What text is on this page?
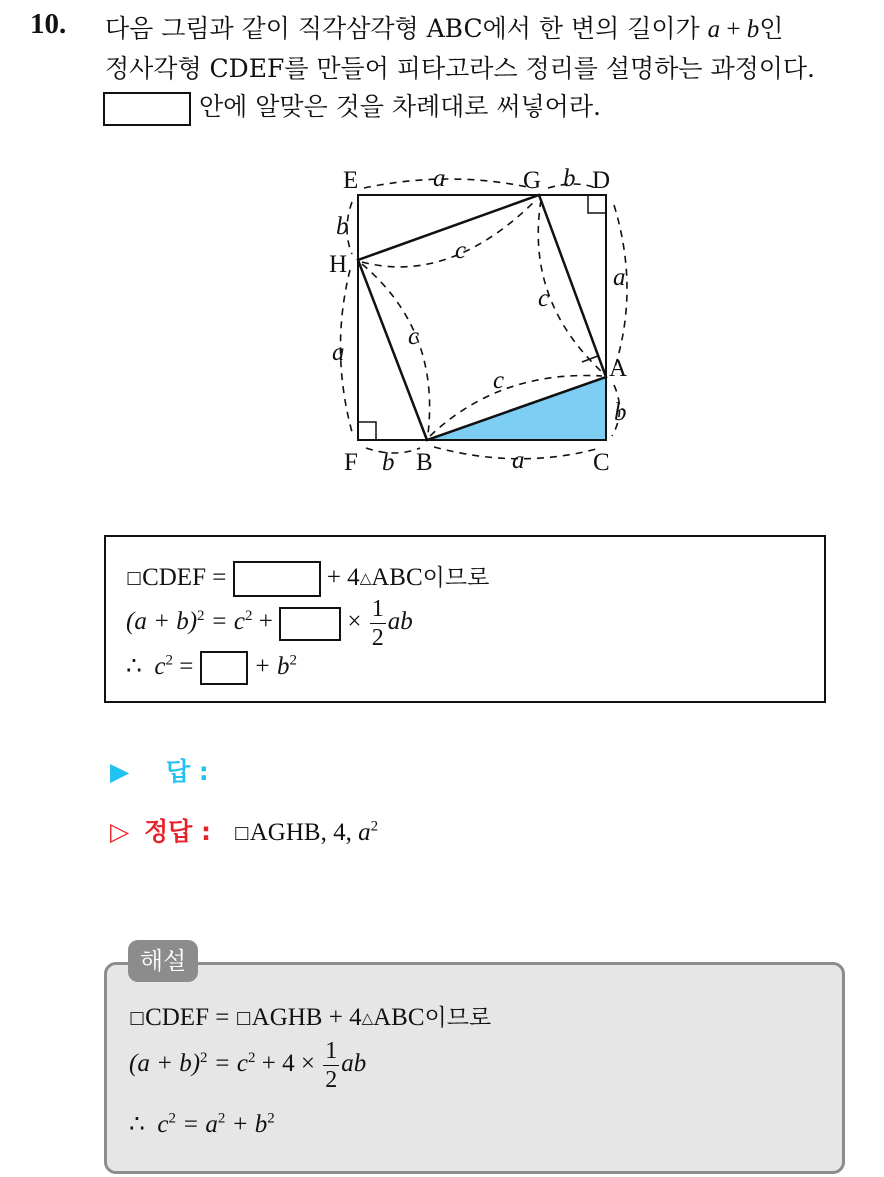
10. 다음 그림과 같이 직각삼각형 ABC에서 한 변의 길이가 a + b인
정사각형 CDEF를 만들어 피타고라스 정리를 설명하는 과정이다.
안에 알맞은 것을 차례대로 써넣어라.
E	G D
H
A
F B	C
a	b
b
a
a
b
b	a
c
c
c
c
□CDEF =	+ 4△ABC이므로
$(a + b)^2 = c^2$ +  × $\frac{1}{2}$ ab
∴ $c^2$ =  + $b^2$
▶ 답 :
▷ 정답 : □AGHB, 4, $a^2$
□CDEF = □AGHB + 4△ABC이므로
$(a + b)^2 = c^2 + 4 \times \frac{1}{2}$ ab
∴ $c^2 = a^2 + b^2$
해설
